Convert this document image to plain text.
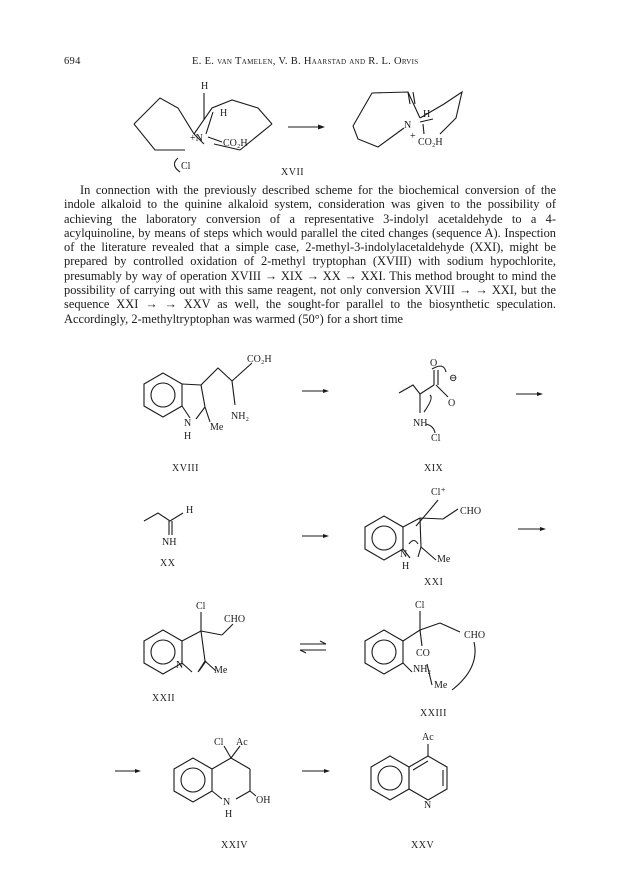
694	E. E. van Tamelen, V. B. Haarstad and R. L. Orvis
H
H
+N CO₂H
Cl
H
N
+
CO₂H
XVII

In connection with the previously described scheme for the biochemical conversion of the indole alkaloid to the quinine alkaloid system, consideration was given to the possibility of achieving the laboratory conversion of a representative 3-indolyl acetaldehyde to a 4-acylquinoline, by means of steps which would parallel the cited changes (sequence A). Inspection of the literature revealed that a simple case, 2-methyl-3-indolylacetaldehyde (XXI), might be prepared by controlled oxidation of 2-methyl tryptophan (XVIII) with sodium hypochlorite, presumably by way of operation XVIII → XIX → XX → XXI. This method brought to mind the possibility of carrying out with this same reagent, not only conversion XVIII → → XXI, but the sequence XXI → → XXV as well, the sought-for parallel to the biosynthetic speculation. Accordingly, 2-methyltryptophan was warmed (50°) for a short time

N
H
Me
CO₂H
NH₂
XVIII
O
⊖
O
NH
Cl
XIX
H
NH
XX
Cl⁺
CHO
N
H
Me
XXI
Cl
CHO
N	Me
XXII
Cl
CHO
CO
NH₂
Me
XXIII
Cl Ac
N
H
OH
XXIV
Ac
N
XXV
